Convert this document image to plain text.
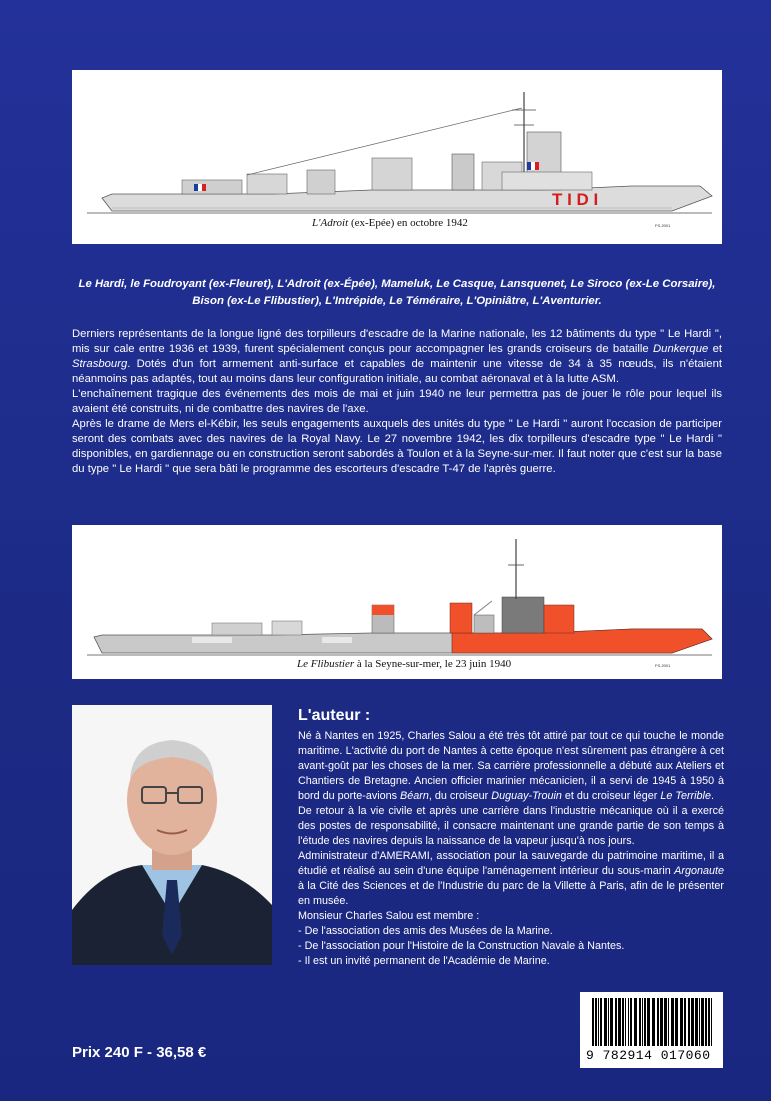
T I D I
L'Adroit (ex-Epée) en octobre 1942	FS-2001
Le Hardi, le Foudroyant (ex-Fleuret), L'Adroit (ex-Épée), Mameluk, Le Casque, Lansquenet, Le Siroco (ex-Le Corsaire),
Bison (ex-Le Flibustier), L'Intrépide, Le Téméraire, L'Opiniâtre, L'Aventurier.

Derniers représentants de la longue ligné des torpilleurs d'escadre de la Marine nationale, les 12 bâtiments du type " Le Hardi ", mis sur cale entre 1936 et 1939, furent spécialement conçus pour accompagner les grands croiseurs de bataille Dunkerque et Strasbourg. Dotés d'un fort armement anti-surface et capables de maintenir une vitesse de 34 à 35 nœuds, ils n'étaient néanmoins pas adaptés, tout au moins dans leur configuration initiale, au combat aéronaval et à la lutte ASM.

L'enchaînement tragique des événements des mois de mai et juin 1940 ne leur permettra pas de jouer le rôle pour lequel ils avaient été construits, ni de combattre des navires de l'axe.

Après le drame de Mers el-Kébir, les seuls engagements auxquels des unités du type " Le Hardi " auront l'occasion de participer seront des combats avec des navires de la Royal Navy. Le 27 novembre 1942, les dix torpilleurs d'escadre type " Le Hardi " disponibles, en gardiennage ou en construction seront sabordés à Toulon et à la Seyne-sur-mer. Il faut noter que c'est sur la base du type " Le Hardi " que sera bâti le programme des escorteurs d'escadre T-47 de l'après guerre.

Le Flibustier à la Seyne-sur-mer, le 23 juin 1940	FS-2001
L'auteur :

Né à Nantes en 1925, Charles Salou a été très tôt attiré par tout ce qui touche le monde maritime. L'activité du port de Nantes à cette époque n'est sûrement pas étrangère à cet avant-goût par les choses de la mer. Sa carrière professionnelle a débuté aux Ateliers et Chantiers de Bretagne. Ancien officier marinier mécanicien, il a servi de 1945 à 1950 à bord du porte-avions Béarn, du croiseur Duguay-Trouin et du croiseur léger Le Terrible.

De retour à la vie civile et après une carrière dans l'industrie mécanique où il a exercé des postes de responsabilité, il consacre maintenant une grande partie de son temps à l'étude des navires depuis la naissance de la vapeur jusqu'à nos jours.

Administrateur d'AMERAMI, association pour la sauvegarde du patrimoine maritime, il a étudié et réalisé au sein d'une équipe l'aménagement intérieur du sous-marin Argonaute à la Cité des Sciences et de l'Industrie du parc de la Villette à Paris, afin de le présenter en musée.

Monsieur Charles Salou est membre :

- De l'association des amis des Musées de la Marine.

- De l'association pour l'Histoire de la Construction Navale à Nantes.

- Il est un invité permanent de l'Académie de Marine.

Prix 240 F - 36,58 €	9 782914 017060
